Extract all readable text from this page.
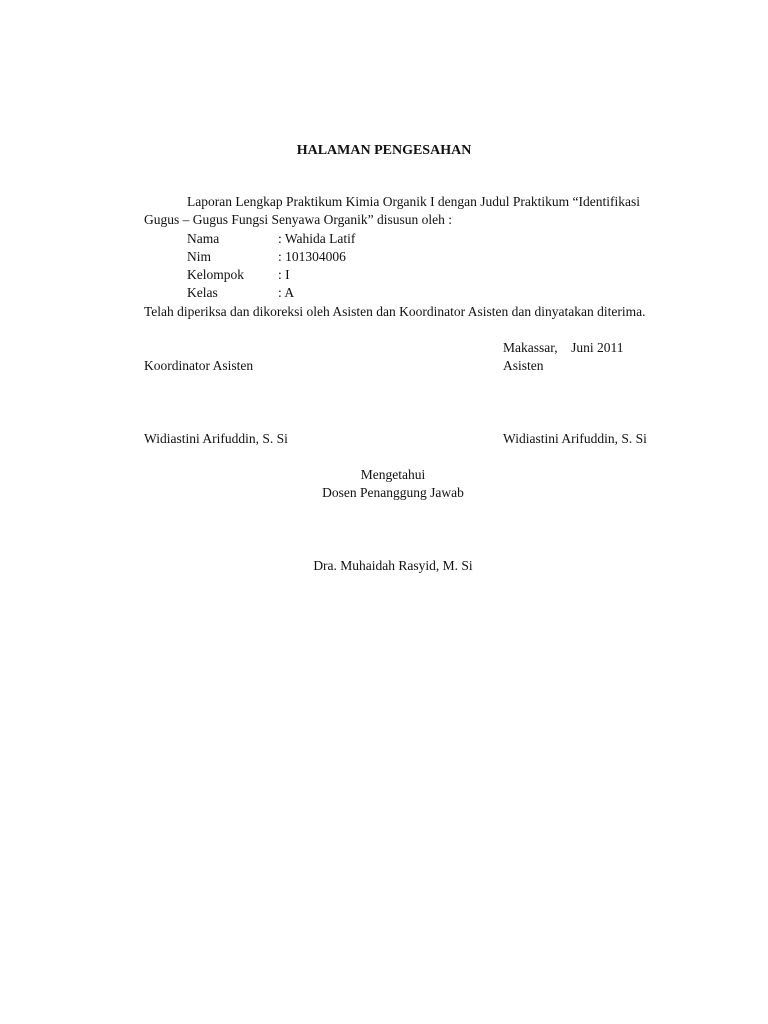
HALAMAN PENGESAHAN
Laporan Lengkap Praktikum Kimia Organik I dengan Judul Praktikum “Identifikasi
Gugus – Gugus Fungsi Senyawa Organik” disusun oleh :
Nama	: Wahida Latif
Nim	: 101304006
Kelompok	: I
Kelas	: A
Telah diperiksa dan dikoreksi oleh Asisten dan Koordinator Asisten dan dinyatakan diterima.
Makassar,    Juni 2011
Koordinator Asisten	Asisten
Widiastini Arifuddin, S. Si	Widiastini Arifuddin, S. Si
Mengetahui
Dosen Penanggung Jawab
Dra. Muhaidah Rasyid, M. Si
